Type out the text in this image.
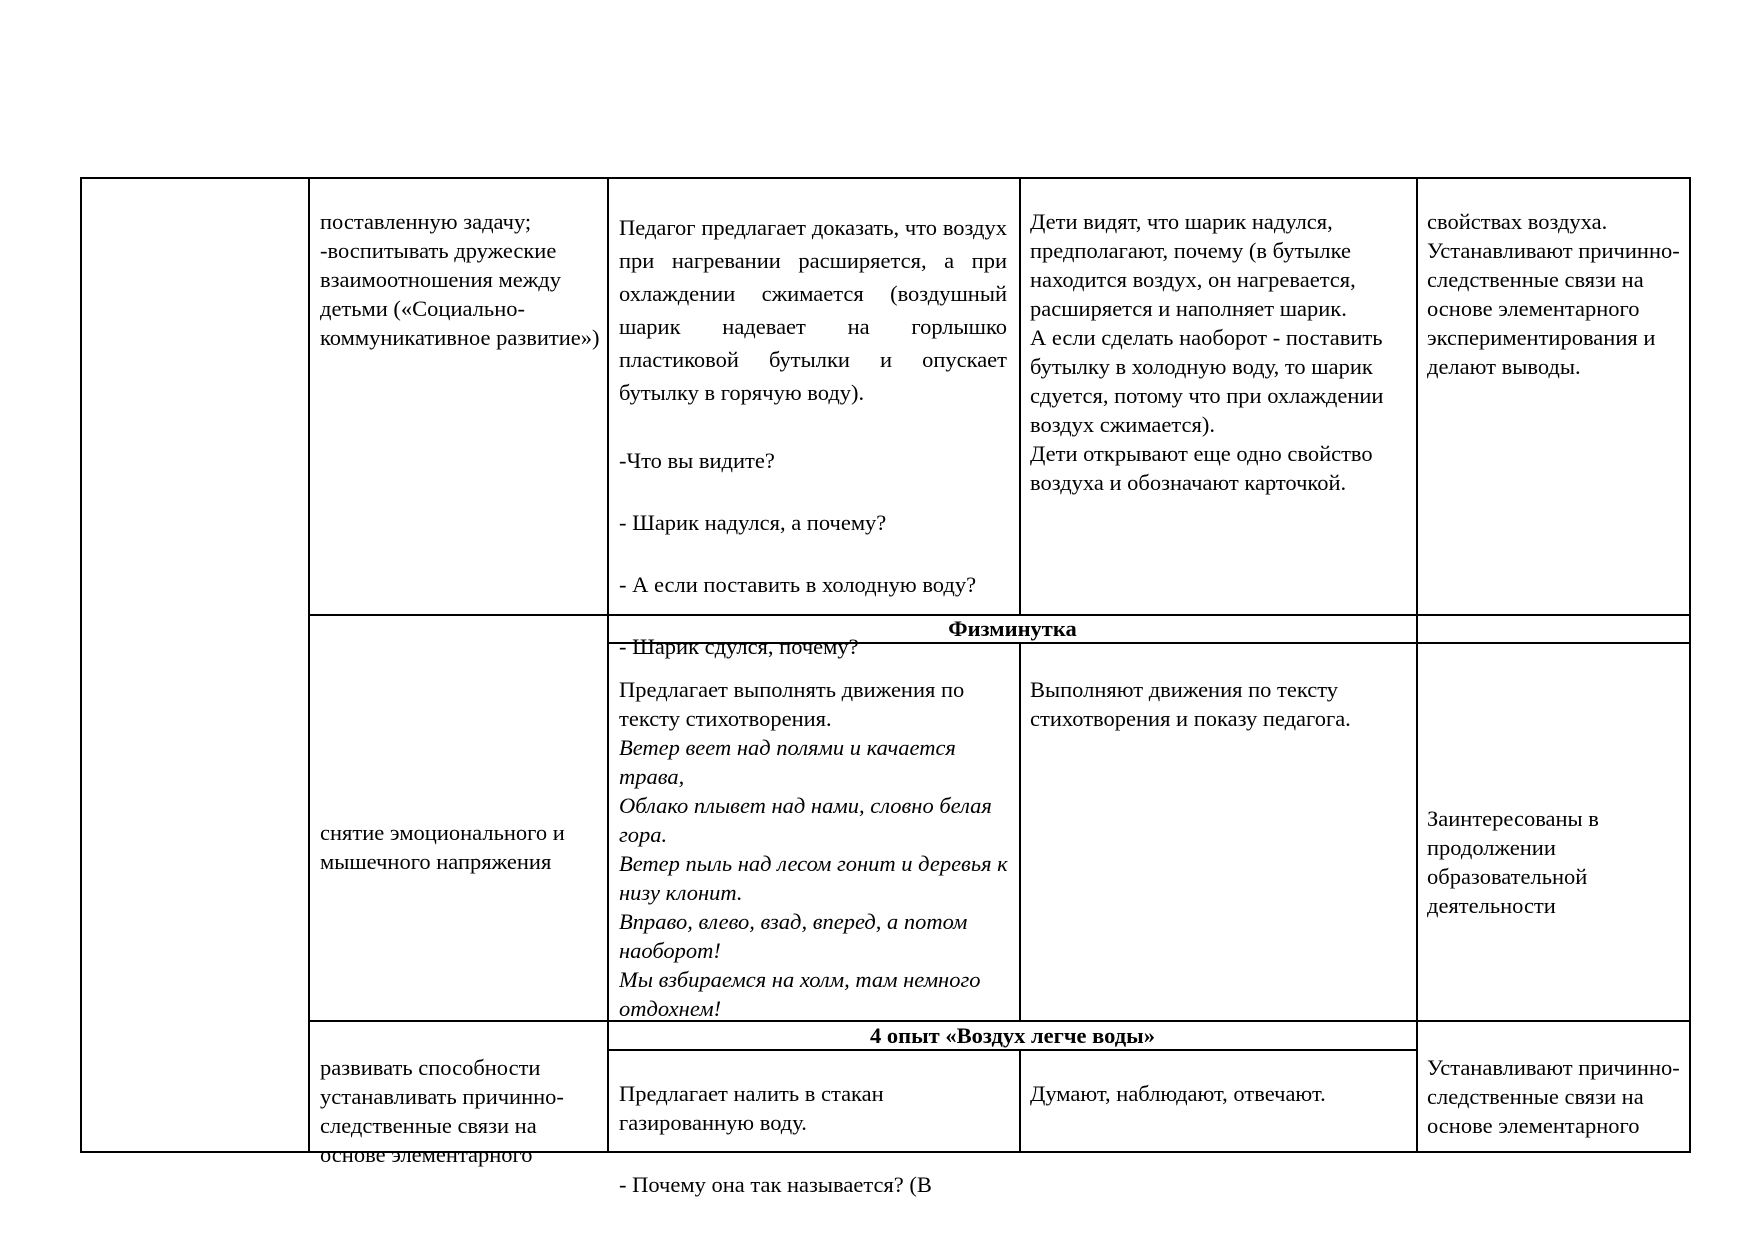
поставленную задачу;
-воспитывать дружеские взаимоотношения между детьми («Социально-коммуникативное развитие»)

Педагог предлагает доказать, что воздух при нагревании расширяется, а при охлаждении сжимается (воздушный шарик надевает на горлышко пластиковой бутылки и опускает бутылку в горячую воду).

-Что вы видите?

- Шарик надулся, а почему?

- А если поставить в холодную воду?

- Шарик сдулся, почему?

Дети видят, что шарик надулся, предполагают, почему (в бутылке находится воздух, он нагревается, расширяется и наполняет шарик.
А если сделать наоборот - поставить бутылку в холодную воду, то шарик сдуется, потому что при охлаждении воздух сжимается).
Дети открывают еще одно свойство воздуха и обозначают карточкой.

свойствах воздуха.
Устанавливают причинно-следственные связи на основе элементарного экспериментирования и делают выводы.

Физминутка

снятие эмоционального и мышечного напряжения

Предлагает выполнять движения по тексту стихотворения.

Ветер веет над полями и качается трава,
Облако плывет над нами, словно белая гора.
Ветер пыль над лесом гонит и деревья к низу клонит.
Вправо, влево, взад, вперед, а потом наоборот!
Мы взбираемся на холм, там немного отдохнем!

Выполняют движения по тексту стихотворения и показу педагога.

Заинтересованы в продолжении образовательной деятельности

4 опыт «Воздух легче воды»

развивать способности устанавливать причинно-следственные связи на основе элементарного

Предлагает налить в стакан газированную воду.

- Почему она так называется? (В

Думают, наблюдают, отвечают.

Устанавливают причинно-следственные связи на основе элементарного
